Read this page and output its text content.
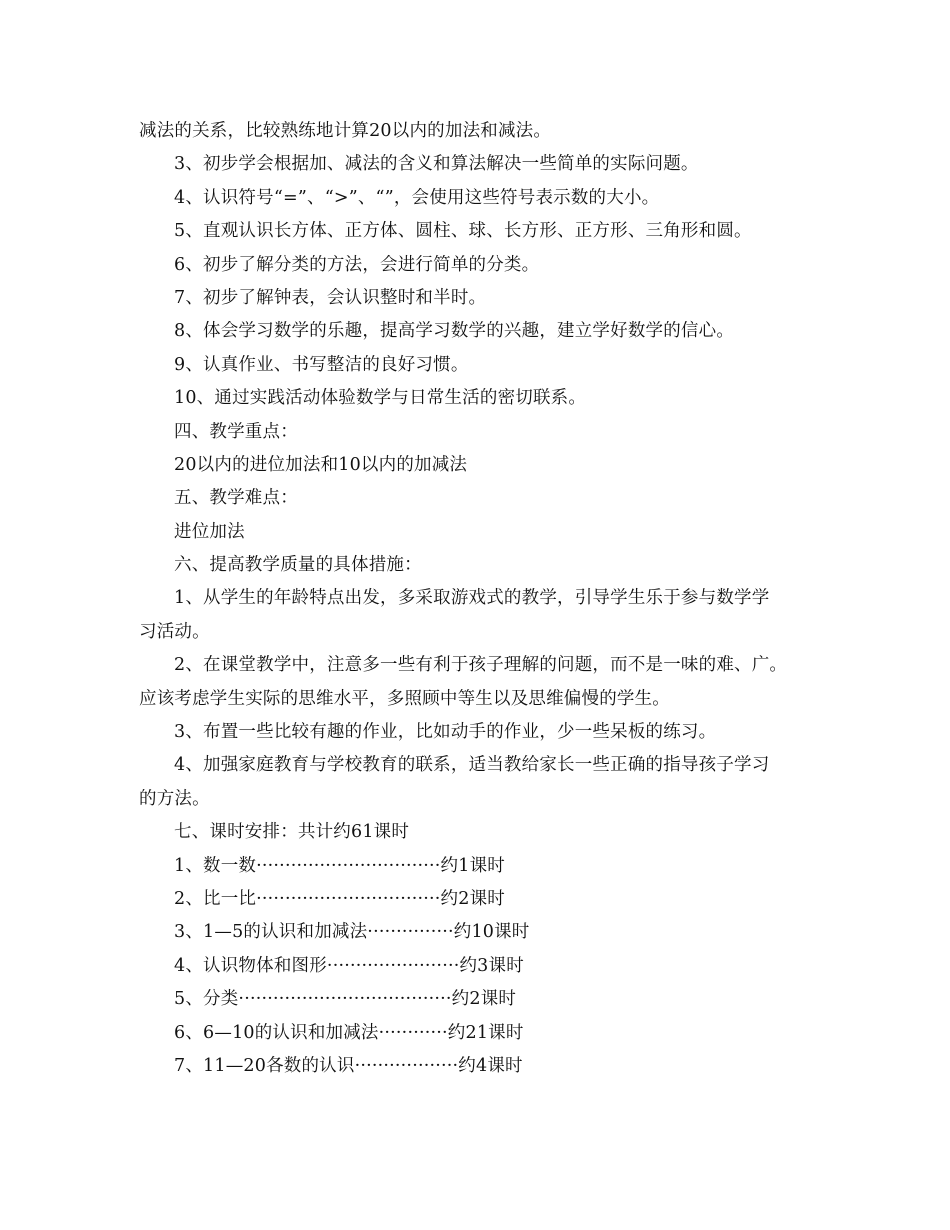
减法的关系，比较熟练地计算20以内的加法和减法。
3、初步学会根据加、减法的含义和算法解决一些简单的实际问题。
4、认识符号“=”、“>”、“”，会使用这些符号表示数的大小。
5、直观认识长方体、正方体、圆柱、球、长方形、正方形、三角形和圆。
6、初步了解分类的方法，会进行简单的分类。
7、初步了解钟表，会认识整时和半时。
8、体会学习数学的乐趣，提高学习数学的兴趣，建立学好数学的信心。
9、认真作业、书写整洁的良好习惯。
10、通过实践活动体验数学与日常生活的密切联系。
四、教学重点：
20以内的进位加法和10以内的加减法
五、教学难点：
进位加法
六、提高教学质量的具体措施：
1、从学生的年龄特点出发，多采取游戏式的教学，引导学生乐于参与数学学
习活动。
2、在课堂教学中，注意多一些有利于孩子理解的问题，而不是一味的难、广。
应该考虑学生实际的思维水平，多照顾中等生以及思维偏慢的学生。
3、布置一些比较有趣的作业，比如动手的作业，少一些呆板的练习。
4、加强家庭教育与学校教育的联系，适当教给家长一些正确的指导孩子学习
的方法。
七、课时安排：共计约61课时
1、数一数································约1课时
2、比一比································约2课时
3、1—5的认识和加减法···············约10课时
4、认识物体和图形·······················约3课时
5、分类·····································约2课时
6、6—10的认识和加减法············约21课时
7、11—20各数的认识··················约4课时
